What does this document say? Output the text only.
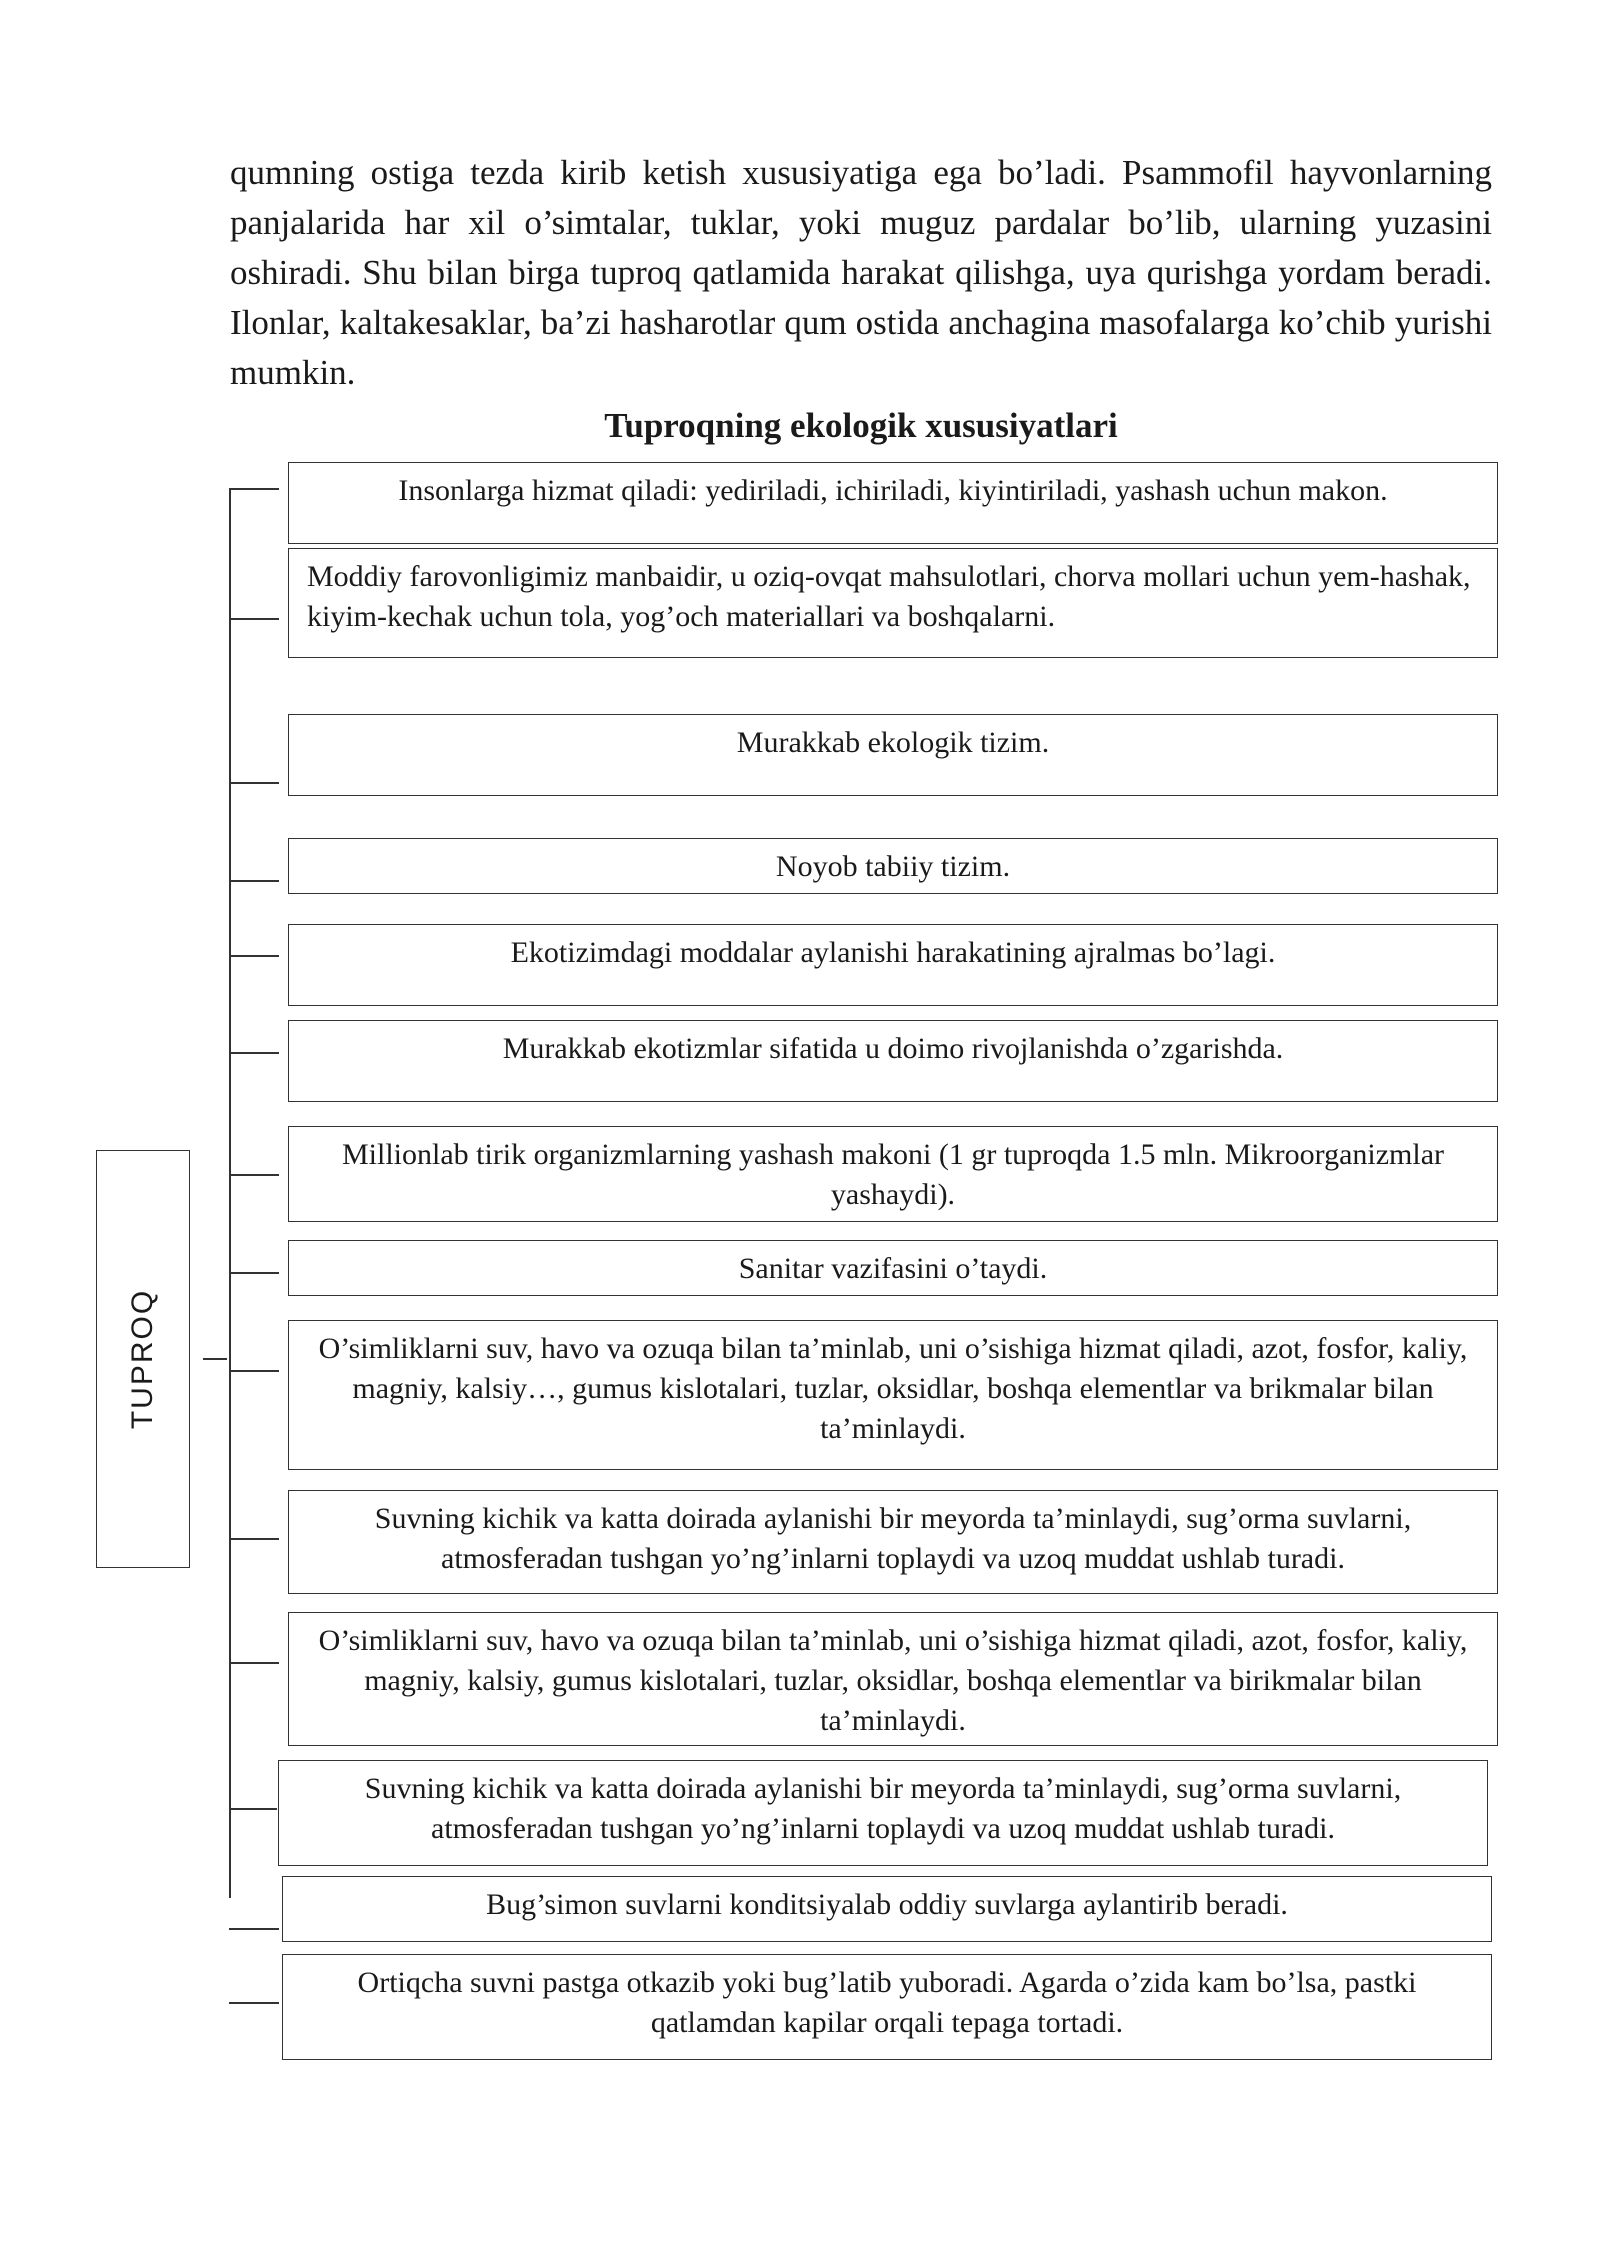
qumning ostiga tezda kirib ketish xususiyatiga ega bo’ladi. Psammofil hayvonlarning panjalarida har xil o’simtalar, tuklar, yoki muguz pardalar bo’lib, ularning yuzasini oshiradi. Shu bilan birga tuproq qatlamida harakat qilishga, uya qurishga yordam beradi. Ilonlar, kaltakesaklar, ba’zi hasharotlar qum ostida anchagina masofalarga ko’chib yurishi mumkin.

Tuproqning ekologik xususiyatlari

TUPROQ
Insonlarga hizmat qiladi: yediriladi, ichiriladi, kiyintiriladi, yashash uchun makon.
Moddiy farovonligimiz manbaidir, u oziq-ovqat mahsulotlari, chorva mollari uchun yem-hashak, kiyim-kechak uchun tola, yog’och materiallari va boshqalarni.
Murakkab ekologik tizim.
Noyob tabiiy tizim.
Ekotizimdagi moddalar aylanishi harakatining ajralmas bo’lagi.
Murakkab ekotizmlar sifatida u doimo rivojlanishda o’zgarishda.
Millionlab tirik organizmlarning yashash makoni (1 gr tuproqda 1.5 mln. Mikroorganizmlar yashaydi).
Sanitar vazifasini o’taydi.
O’simliklarni suv, havo va ozuqa bilan ta’minlab, uni o’sishiga hizmat qiladi, azot, fosfor, kaliy, magniy, kalsiy…, gumus kislotalari, tuzlar, oksidlar, boshqa elementlar va brikmalar bilan ta’minlaydi.
Suvning kichik va katta doirada aylanishi bir meyorda ta’minlaydi, sug’orma suvlarni, atmosferadan tushgan yo’ng’inlarni toplaydi va uzoq muddat ushlab turadi.
O’simliklarni suv, havo va ozuqa bilan ta’minlab, uni o’sishiga hizmat qiladi, azot, fosfor, kaliy, magniy, kalsiy, gumus kislotalari, tuzlar, oksidlar, boshqa elementlar va birikmalar bilan ta’minlaydi.
Suvning kichik va katta doirada aylanishi bir meyorda ta’minlaydi, sug’orma suvlarni, atmosferadan tushgan yo’ng’inlarni toplaydi va uzoq muddat ushlab turadi.
Bug’simon suvlarni konditsiyalab oddiy suvlarga aylantirib beradi.
Ortiqcha suvni pastga otkazib yoki bug’latib yuboradi. Agarda o’zida kam bo’lsa, pastki qatlamdan kapilar orqali tepaga tortadi.
